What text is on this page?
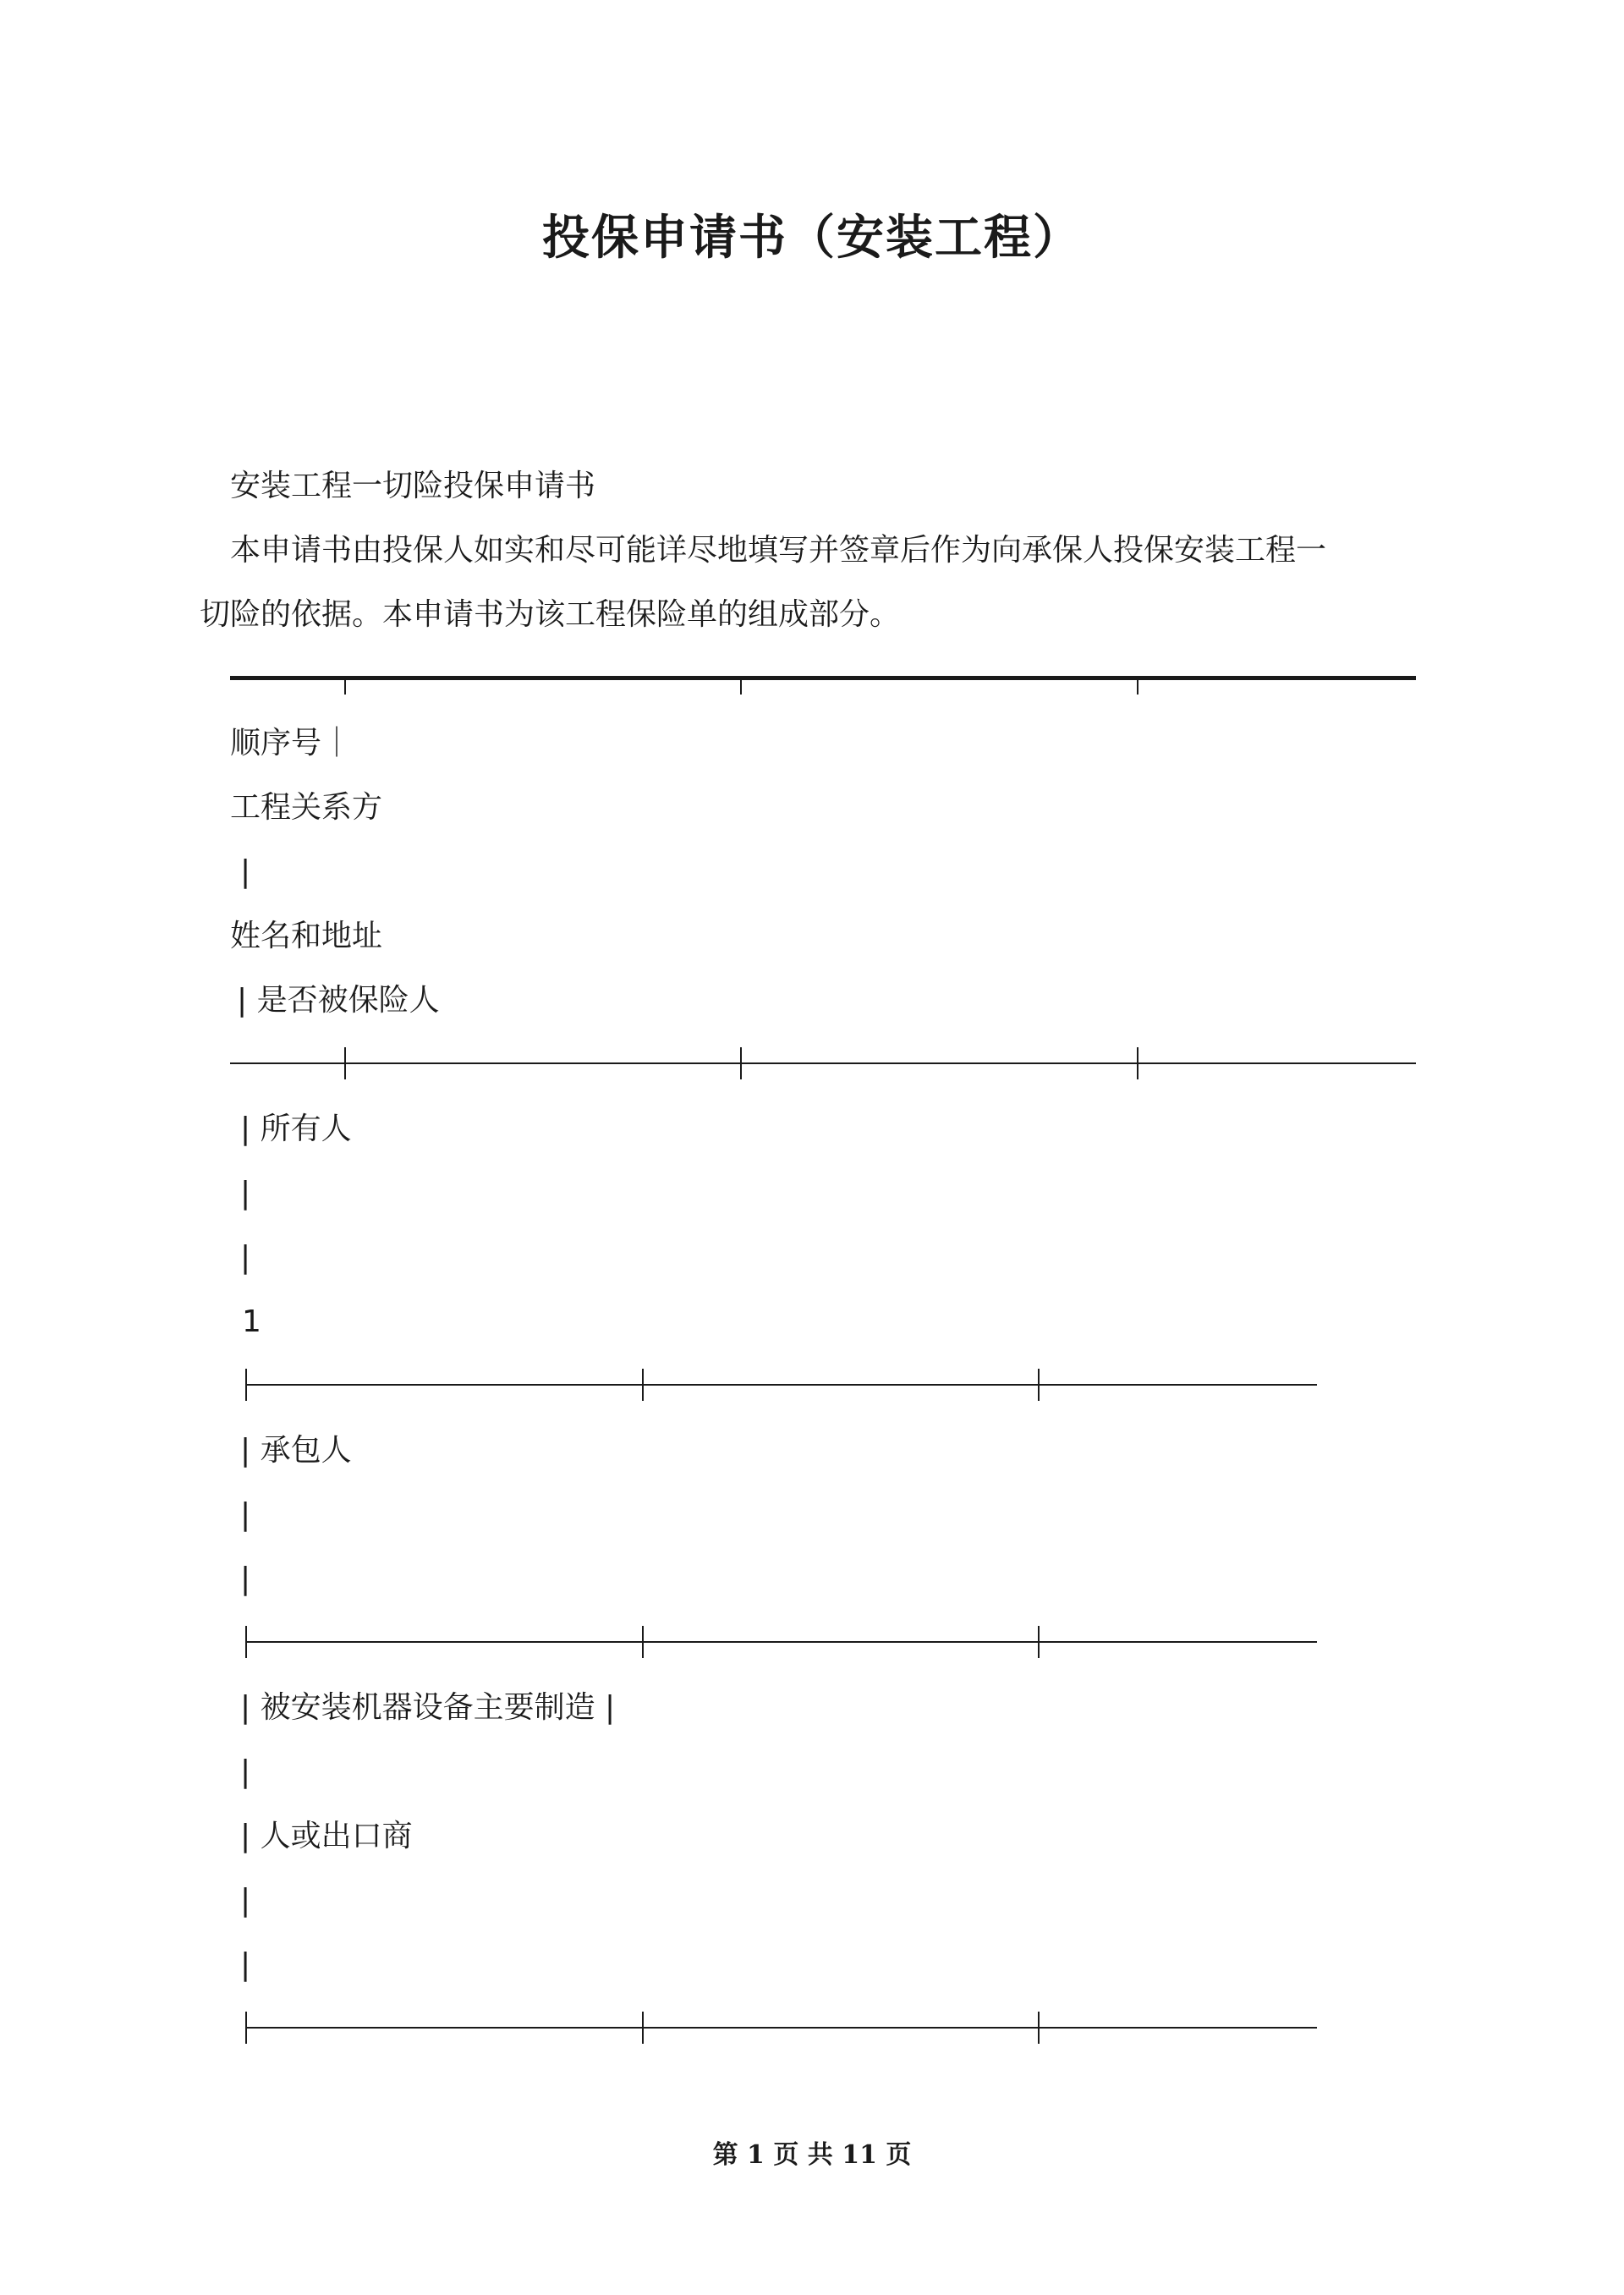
投保申请书（安装工程）
安装工程一切险投保申请书
本申请书由投保人如实和尽可能详尽地填写并签章后作为向承保人投保安装工程一
切险的依据。本申请书为该工程保险单的组成部分。
顺序号｜
工程关系方
|
姓名和地址
| 是否被保险人
| 所有人
|
|
1
| 承包人
|
|
| 被安装机器设备主要制造 |
|
| 人或出口商
|
|
第 1 页 共 11 页
